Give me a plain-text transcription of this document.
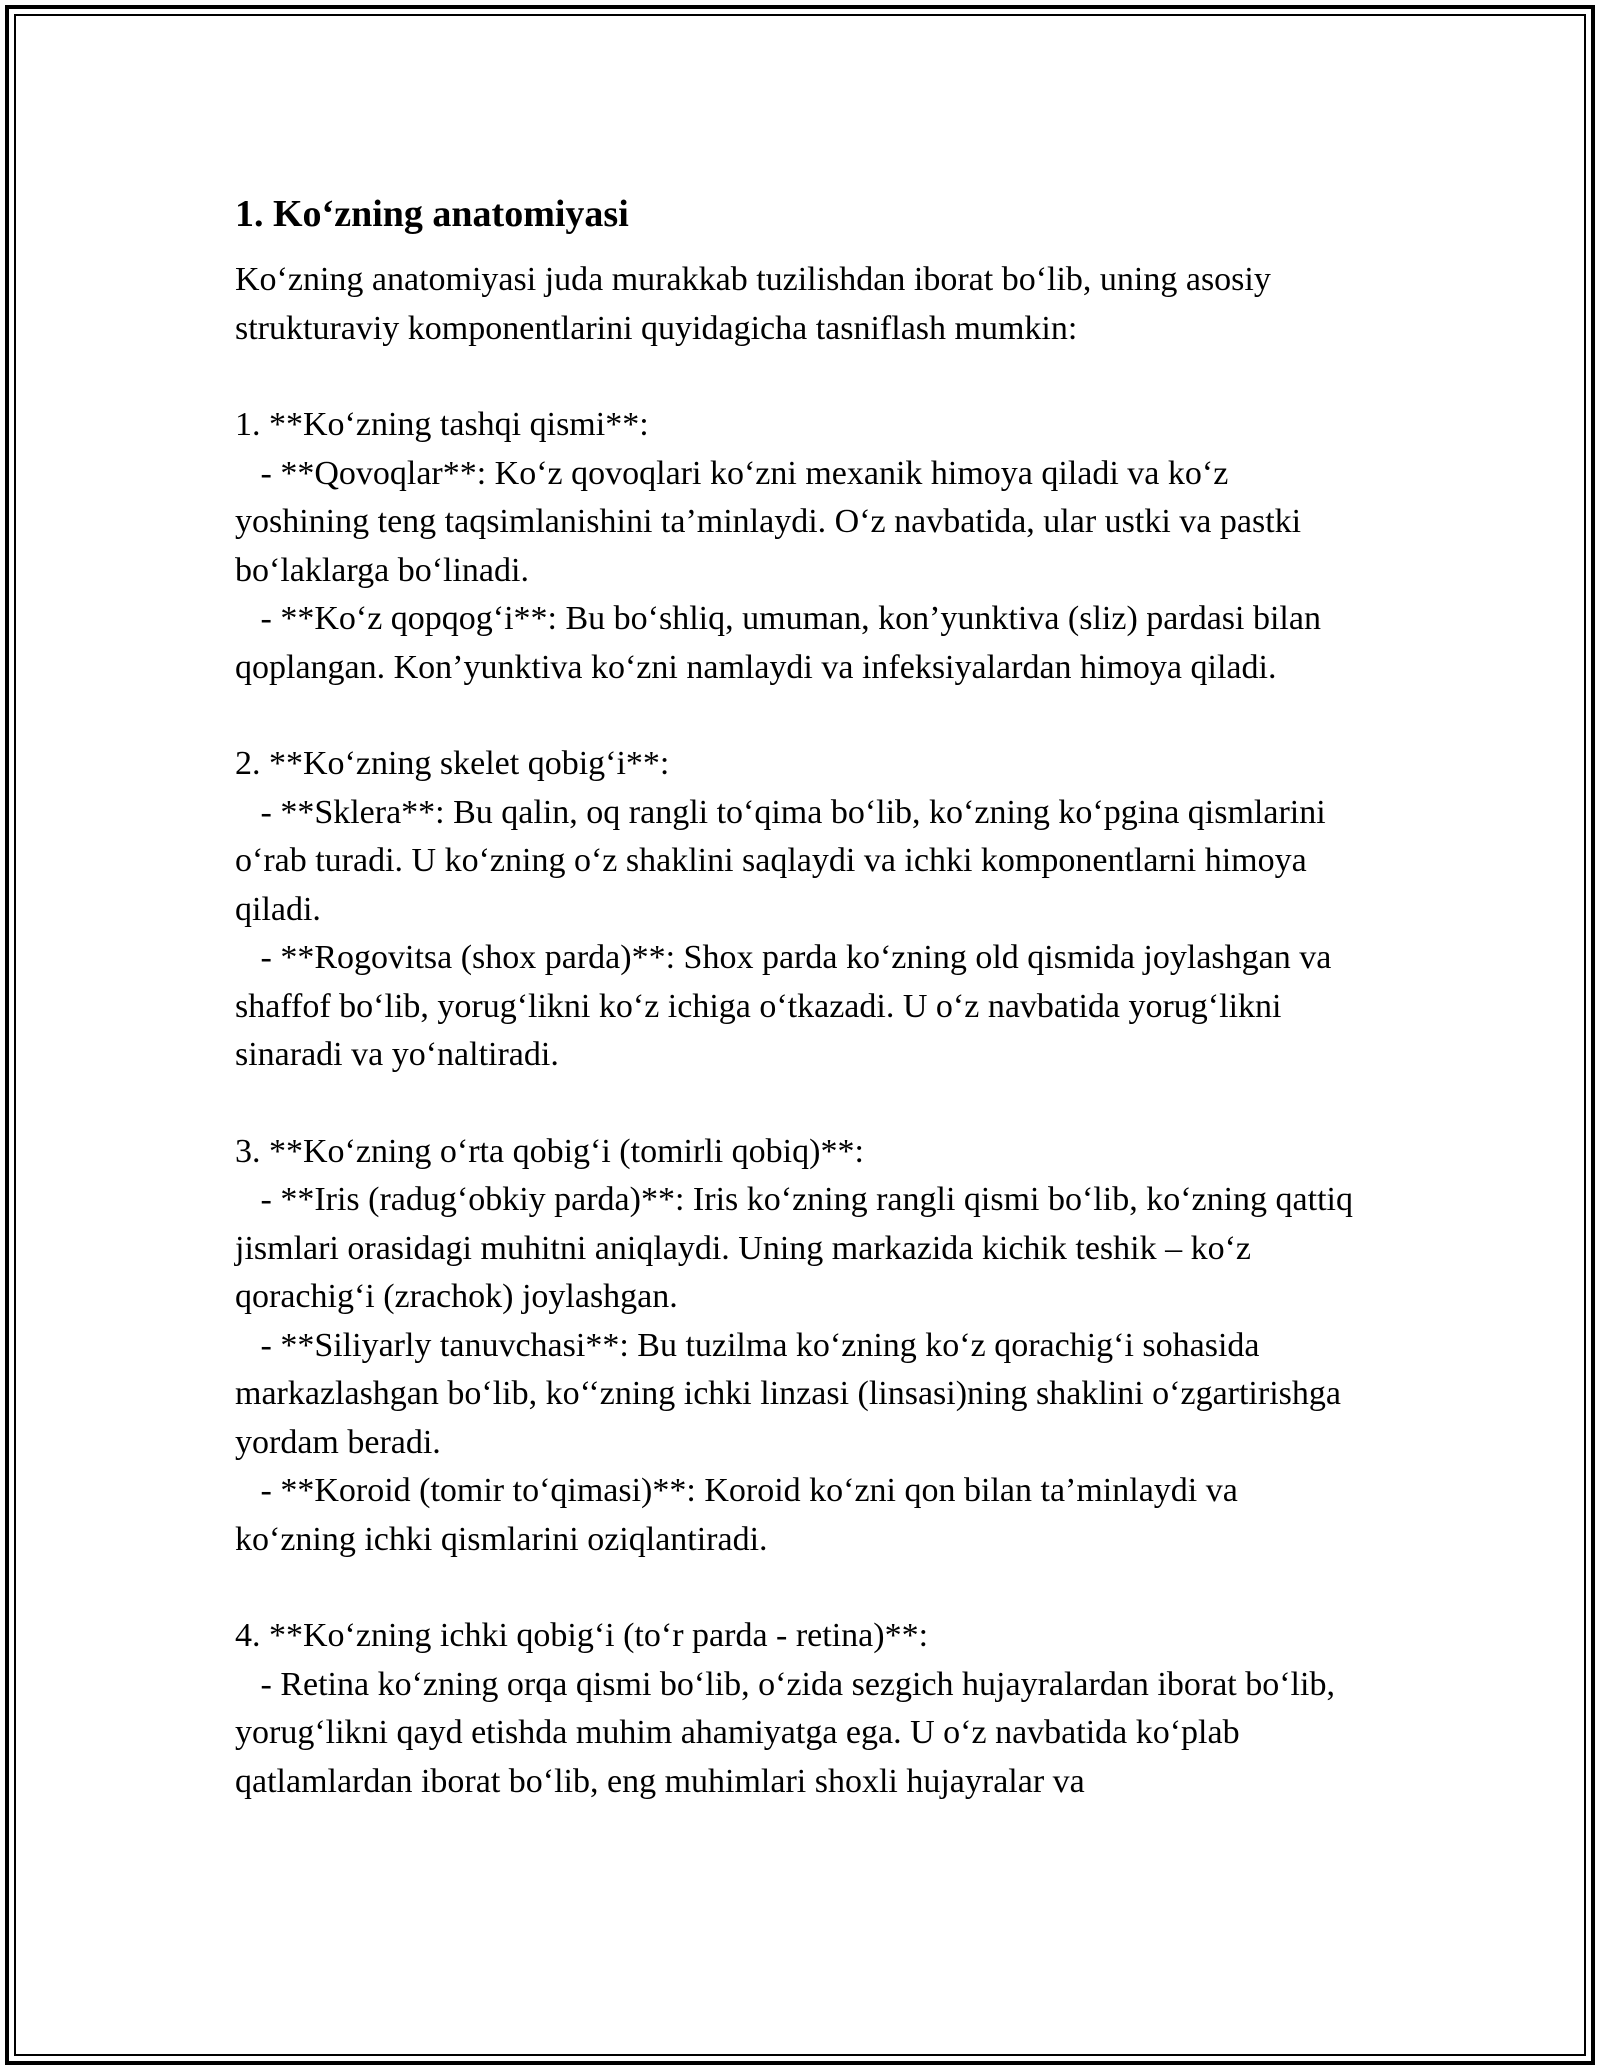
1. Ko‘zning anatomiyasi

Ko‘zning anatomiyasi juda murakkab tuzilishdan iborat bo‘lib, uning asosiy strukturaviy komponentlarini quyidagicha tasniflash mumkin:

1. **Ko‘zning tashqi qismi**:

- **Qovoqlar**: Ko‘z qovoqlari ko‘zni mexanik himoya qiladi va ko‘z yoshining teng taqsimlanishini ta’minlaydi. O‘z navbatida, ular ustki va pastki bo‘laklarga bo‘linadi.

- **Ko‘z qopqog‘i**: Bu bo‘shliq, umuman, kon’yunktiva (sliz) pardasi bilan qoplangan. Kon’yunktiva ko‘zni namlaydi va infeksiyalardan himoya qiladi.

2. **Ko‘zning skelet qobig‘i**:

- **Sklera**: Bu qalin, oq rangli to‘qima bo‘lib, ko‘zning ko‘pgina qismlarini o‘rab turadi. U ko‘zning o‘z shaklini saqlaydi va ichki komponentlarni himoya qiladi.

- **Rogovitsa (shox parda)**: Shox parda ko‘zning old qismida joylashgan va shaffof bo‘lib, yorug‘likni ko‘z ichiga o‘tkazadi. U o‘z navbatida yorug‘likni sinaradi va yo‘naltiradi.

3. **Ko‘zning o‘rta qobig‘i (tomirli qobiq)**:

- **Iris (radug‘obkiy parda)**: Iris ko‘zning rangli qismi bo‘lib, ko‘zning qattiq jismlari orasidagi muhitni aniqlaydi. Uning markazida kichik teshik – ko‘z qorachig‘i (zrachok) joylashgan.

- **Siliyarly tanuvchasi**: Bu tuzilma ko‘zning ko‘z qorachig‘i sohasida markazlashgan bo‘lib, ko‘‘zning ichki linzasi (linsasi)ning shaklini o‘zgartirishga yordam beradi.

- **Koroid (tomir to‘qimasi)**: Koroid ko‘zni qon bilan ta’minlaydi va ko‘zning ichki qismlarini oziqlantiradi.

4. **Ko‘zning ichki qobig‘i (to‘r parda - retina)**:

- Retina ko‘zning orqa qismi bo‘lib, o‘zida sezgich hujayralardan iborat bo‘lib, yorug‘likni qayd etishda muhim ahamiyatga ega. U o‘z navbatida ko‘plab qatlamlardan iborat bo‘lib, eng muhimlari shoxli hujayralar va
